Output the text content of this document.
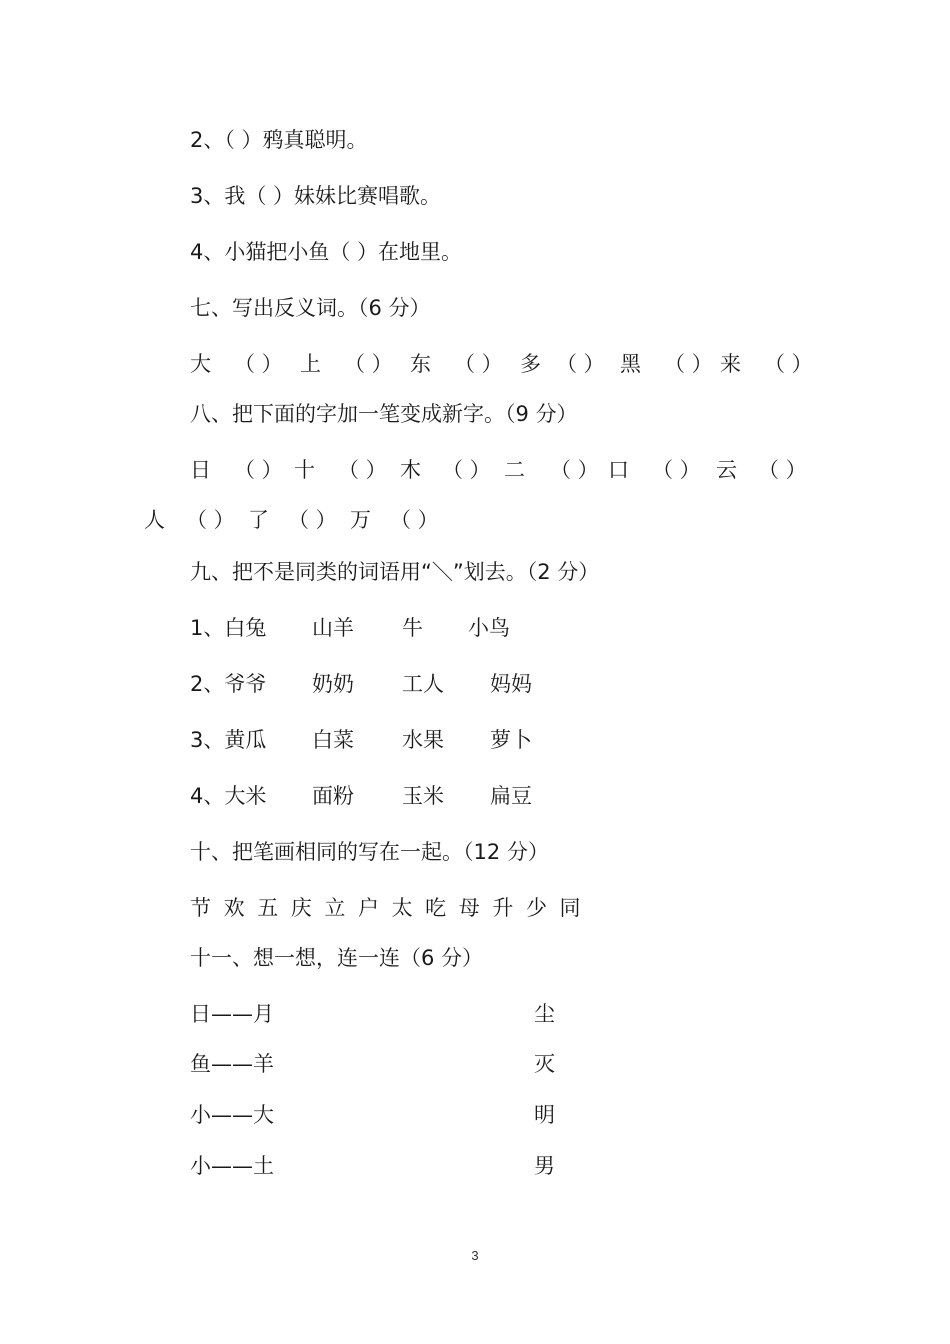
2、（ ）鸦真聪明。
3、我（ ）妹妹比赛唱歌。
4、小猫把小鱼（ ）在地里。
七、写出反义词。（6 分）
大 （ ） 上 （ ） 东 （ ） 多 （ ） 黑 （ ） 来 （ ）
八、把下面的字加一笔变成新字。（9 分）
日 （ ） 十 （ ） 木 （ ） 二 （ ） 口 （ ） 云 （ ）
人 （ ） 了 （ ） 万 （ ）
九、把不是同类的词语用“＼”划去。（2 分）
1、白兔 山羊 牛 小鸟
2、爷爷 奶奶 工人 妈妈
3、黄瓜 白菜 水果 萝卜
4、大米 面粉 玉米 扁豆
十、把笔画相同的写在一起。（12 分）
节 欢 五 庆 立 户 太 吃 母 升 少 同
十一、想一想，连一连（6 分）
日——月	尘
鱼——羊	灭
小——大	明
小——土	男
3
